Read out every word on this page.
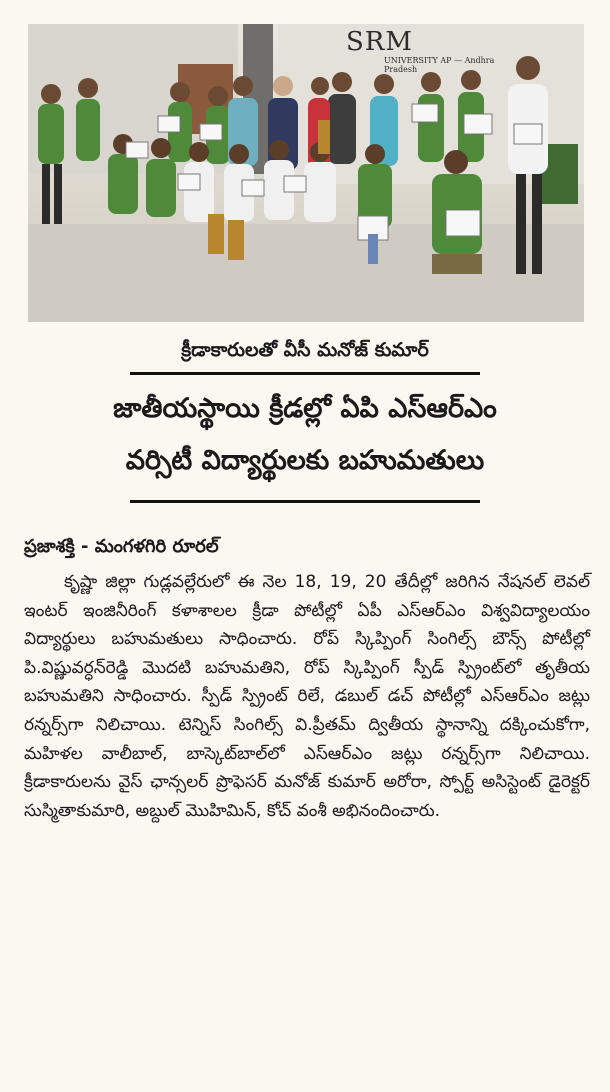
SRM
UNIVERSITY AP — Andhra Pradesh
క్రీడాకారులతో వీసీ మనోజ్ కుమార్
జాతీయస్థాయి క్రీడల్లో ఏపి ఎస్ఆర్ఎం
వర్సిటీ విద్యార్థులకు బహుమతులు
ప్రజాశక్తి - మంగళగిరి రూరల్
కృష్ణా జిల్లా గుడ్లవల్లేరులో ఈ నెల 18, 19, 20 తేదీల్లో జరిగిన నేషనల్ లెవల్ ఇంటర్ ఇంజినీరింగ్ కళాశాలల క్రీడా పోటీల్లో ఏపీ ఎస్ఆర్ఎం విశ్వవిద్యాలయం విద్యార్థులు బహుమతులు సాధించారు. రోప్ స్కిప్పింగ్ సింగిల్స్ బౌన్స్ పోటీల్లో పి.విష్ణువర్ధన్‌రెడ్డి మొదటి బహుమతిని, రోప్ స్కిప్పింగ్ స్పీడ్ స్ప్రింట్‌లో తృతీయ బహుమతిని సాధించారు. స్పీడ్ స్ప్రింట్ రిలే, డబుల్ డచ్ పోటీల్లో ఎస్ఆర్ఎం జట్లు రన్నర్స్‌గా నిలిచాయి. టెన్నిస్ సింగిల్స్ వి.ప్రీతమ్ ద్వితీయ స్థానాన్ని దక్కించుకోగా, మహిళల వాలీబాల్, బాస్కెట్‌బాల్‌లో ఎస్ఆర్ఎం జట్లు రన్నర్స్‌గా నిలిచాయి. క్రీడాకారులను వైస్ ఛాన్సలర్ ప్రొఫెసర్ మనోజ్ కుమార్ అరోరా, స్పోర్ట్ అసిస్టెంట్ డైరెక్టర్ సుస్మితాకుమారి, అబ్దుల్ మొహిమిన్, కోచ్ వంశీ అభినందించారు.
